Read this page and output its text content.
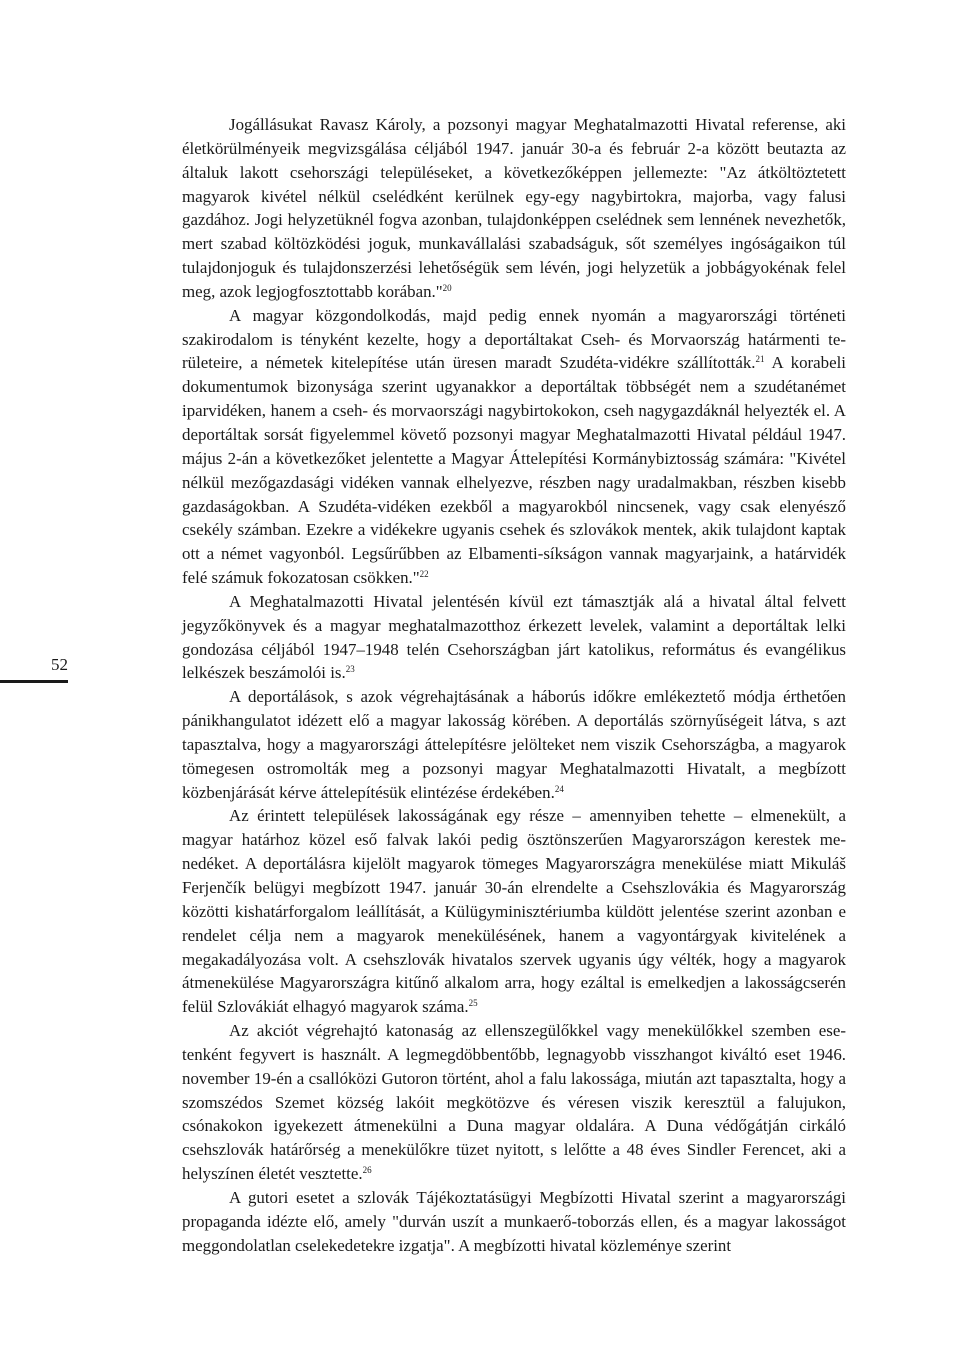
52

Jogállásukat Ravasz Károly, a pozsonyi magyar Meghatalmazotti Hivatal referense, aki életkörülményeik megvizsgálása céljából 1947. január 30-a és február 2-a között beutazta az általuk lakott csehországi településeket, a következőképpen jellemezte: "Az átköltöztetett magyarok kivétel nélkül cselédként kerülnek egy-egy nagybirtokra, majorba, vagy falusi gazdához. Jogi helyzetüknél fogva azonban, tulajdonképpen cselédnek sem lennének nevezhetők, mert szabad költözködési joguk, munkavállalási szabadságuk, sőt személyes ingóságaikon túl tulajdonjoguk és tulajdonszerzési lehetőségük sem lévén, jogi helyzetük a jobbágyokénak felel meg, azok legjogfosztottabb korában."$^{20}$

A magyar közgondolkodás, majd pedig ennek nyomán a magyarországi történeti szakirodalom is tényként kezelte, hogy a deportáltakat Cseh- és Morvaország határmenti területeire, a németek kitelepítése után üresen maradt Szudéta-vidékre szállították.$^{21}$ A korabeli dokumentumok bizonysága szerint ugyanakkor a deportáltak többségét nem a szudétanémet iparvidéken, hanem a cseh- és morvaországi nagybirtokokon, cseh nagygazdáknál helyezték el. A deportáltak sorsát figyelemmel követő pozsonyi magyar Meghatalmazotti Hivatal például 1947. május 2-án a következőket jelentette a Magyar Áttelepítési Kormánybiztosság számára: "Kivétel nélkül mezőgazdasági vidéken vannak elhelyezve, részben nagy uradalmakban, részben kisebb gazdaságokban. A Szudéta-vidéken ezekből a magyarokból nincsenek, vagy csak elenyésző csekély számban. Ezekre a vidékekre ugyanis csehek és szlovákok mentek, akik tulajdont kaptak ott a német vagyonból. Legsűrűbben az Elbamenti-síkságon vannak magyarjaink, a határvidék felé számuk fokozatosan csökken."$^{22}$

A Meghatalmazotti Hivatal jelentésén kívül ezt támasztják alá a hivatal által felvett jegyzőkönyvek és a magyar meghatalmazotthoz érkezett levelek, valamint a deportáltak lelki gondozása céljából 1947–1948 telén Csehországban járt katolikus, református és evangélikus lelkészek beszámolói is.$^{23}$

A deportálások, s azok végrehajtásának a háborús időkre emlékeztető módja érthetően pánikhangulatot idézett elő a magyar lakosság körében. A deportálás szörnyűségeit látva, s azt tapasztalva, hogy a magyarországi áttelepítésre jelölteket nem viszik Csehországba, a magyarok tömegesen ostromolták meg a pozsonyi magyar Meghatalmazotti Hivatalt, a megbízott közbenjárását kérve áttelepítésük elintézése érdekében.$^{24}$

Az érintett települések lakosságának egy része – amennyiben tehette – elmenekült, a magyar határhoz közel eső falvak lakói pedig ösztönszerűen Magyarországon kerestek menedéket. A deportálásra kijelölt magyarok tömeges Magyarországra menekülése miatt Mikuláš Ferjenčík belügyi megbízott 1947. január 30-án elrendelte a Csehszlovákia és Magyarország közötti kishatárforgalom leállítását, a Külügyminisztériumba küldött jelentése szerint azonban e rendelet célja nem a magyarok menekülésének, hanem a vagyontárgyak kivitelének a megakadályozása volt. A csehszlovák hivatalos szervek ugyanis úgy vélték, hogy a magyarok átmenekülése Magyarországra kitűnő alkalom arra, hogy ezáltal is emelkedjen a lakosságcserén felül Szlovákiát elhagyó magyarok száma.$^{25}$

Az akciót végrehajtó katonaság az ellenszegülőkkel vagy menekülőkkel szemben esetenként fegyvert is használt. A legmegdöbbentőbb, legnagyobb visszhangot kiváltó eset 1946. november 19-én a csallóközi Gutoron történt, ahol a falu lakossága, miután azt tapasztalta, hogy a szomszédos Szemet község lakóit megkötözve és véresen viszik keresztül a falujukon, csónakokon igyekezett átmenekülni a Duna magyar oldalára. A Duna védőgátján cirkáló csehszlovák határőrség a menekülőkre tüzet nyitott, s lelőtte a 48 éves Sindler Ferencet, aki a helyszínen életét vesztette.$^{26}$

A gutori esetet a szlovák Tájékoztatásügyi Megbízotti Hivatal szerint a magyarországi propaganda idézte elő, amely "durván uszít a munkaerő-toborzás ellen, és a magyar lakosságot meggondolatlan cselekedetekre izgatja". A megbízotti hivatal közleménye szerint
